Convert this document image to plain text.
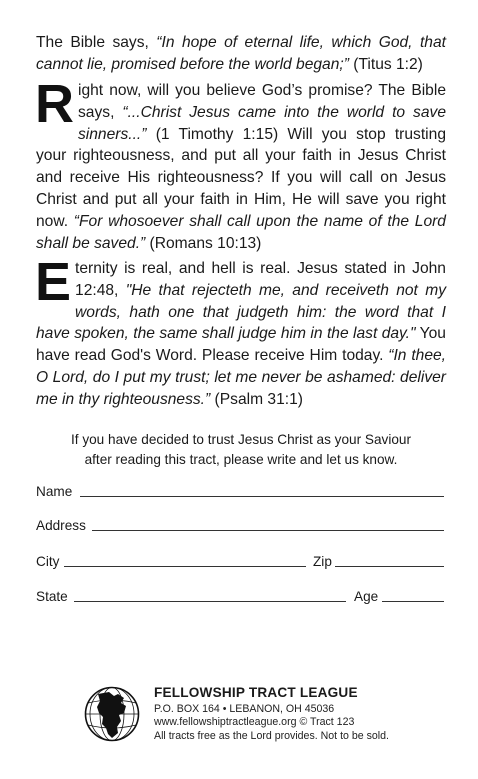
The Bible says, “In hope of eternal life, which God, that cannot lie, promised before the world began;” (Titus 1:2)
Right now, will you believe God’s promise? The Bible says, “...Christ Jesus came into the world to save sinners...” (1 Timothy 1:15) Will you stop trusting your righteousness, and put all your faith in Jesus Christ and receive His righteousness? If you will call on Jesus Christ and put all your faith in Him, He will save you right now. “For whosoever shall call upon the name of the Lord shall be saved.” (Romans 10:13)
Eternity is real, and hell is real. Jesus stated in John 12:48, "He that rejecteth me, and receiveth not my words, hath one that judgeth him: the word that I have spoken, the same shall judge him in the last day." You have read God's Word. Please receive Him today. “In thee, O Lord, do I put my trust; let me never be ashamed: deliver me in thy righteousness.” (Psalm 31:1)
If you have decided to trust Jesus Christ as your Saviour
after reading this tract, please write and let us know.
Name
Address
City	Zip
State	Age
FELLOWSHIP TRACT LEAGUE
P.O. BOX 164 • LEBANON, OH 45036
www.fellowshiptractleague.org © Tract 123
All tracts free as the Lord provides. Not to be sold.
